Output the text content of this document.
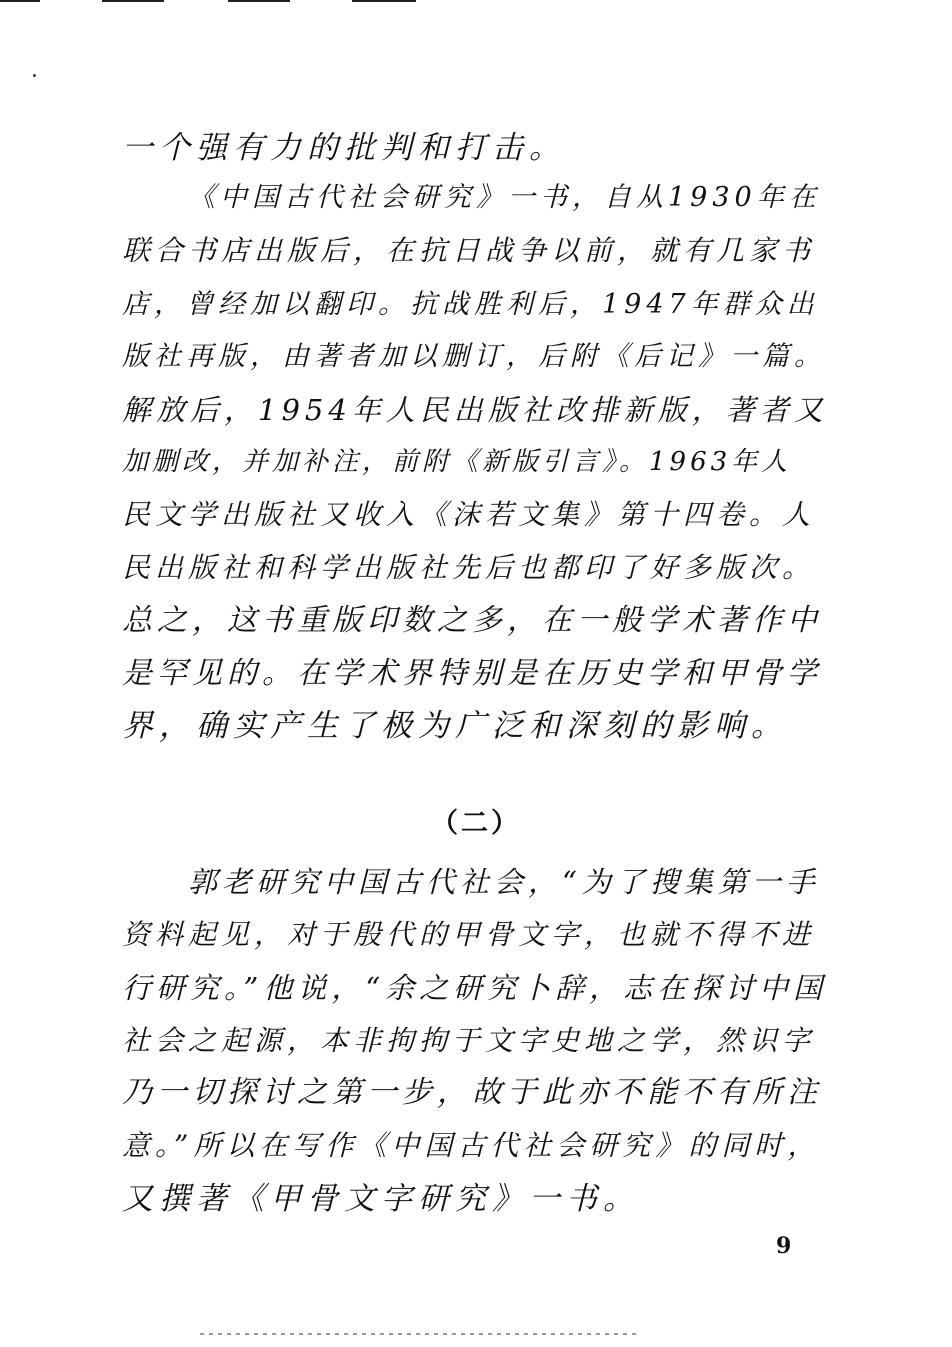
一个强有力的批判和打击。
《中国古代社会研究》一书，自从1930年在
联合书店出版后，在抗日战争以前，就有几家书
店，曾经加以翻印。抗战胜利后，1947年群众出
版社再版，由著者加以删订，后附《后记》一篇。
解放后，1954年人民出版社改排新版，著者又
加删改，并加补注，前附《新版引言》。1963年人
民文学出版社又收入《沫若文集》第十四卷。人
民出版社和科学出版社先后也都印了好多版次。
总之，这书重版印数之多，在一般学术著作中
是罕见的。在学术界特别是在历史学和甲骨学
界，确实产生了极为广泛和深刻的影响。
（二）
郭老研究中国古代社会，“为了搜集第一手
资料起见，对于殷代的甲骨文字，也就不得不进
行研究。”他说，“余之研究卜辞，志在探讨中国
社会之起源，本非拘拘于文字史地之学，然识字
乃一切探讨之第一步，故于此亦不能不有所注
意。”所以在写作《中国古代社会研究》的同时，
又撰著《甲骨文字研究》一书。
9
